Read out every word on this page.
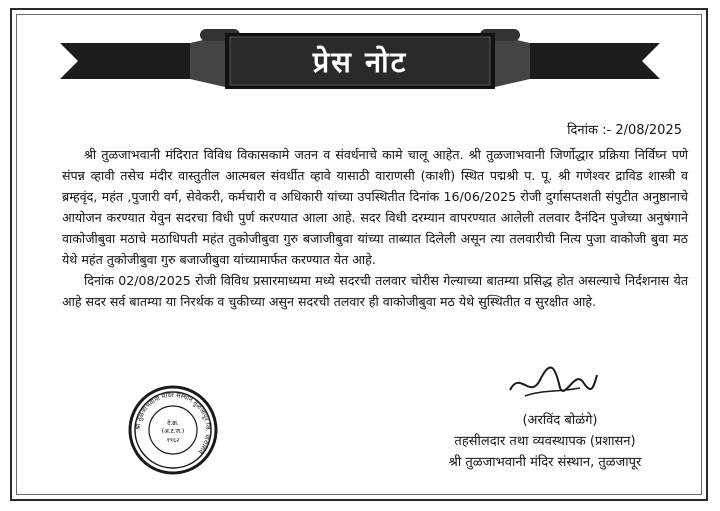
प्रेस नोट
दिनांक :- 2/08/2025

श्री तुळजाभवानी मंदिरात विविध विकासकामे जतन व संवर्धनाचे कामे चालू आहेत. श्री तुळजाभवानी जिर्णोद्धार प्रक्रिया निर्विघ्न पणे संपन्न व्हावी तसेच मंदीर वास्तुतील आत्मबल संवर्धीत व्हावे यासाठी वाराणसी (काशी) स्थित पद्मश्री प. पू. श्री गणेश्वर द्राविड शास्त्री व ब्रम्हवृंद, महंत ,पुजारी वर्ग, सेवेकरी, कर्मचारी व अधिकारी यांच्या उपस्थितीत दिनांक 16/06/2025 रोजी दुर्गासप्तशती संपुटीत अनुष्ठानाचे आयोजन करण्यात येवुन सदरचा विधी पुर्ण करण्यात आला आहे. सदर विधी दरम्यान वापरण्यात आलेली तलवार दैनंदिन पुजेच्या अनुषंगाने वाकोजीबुवा मठाचे मठाधिपती महंत तुकोजीबुवा गुरु बजाजीबुवा यांच्या ताब्यात दिलेली असून त्या तलवारीची नित्य पुजा वाकोजी बुवा मठ येथे महंत तुकोजीबुवा गुरु बजाजीबुवा यांच्यामार्फत करण्यात येत आहे.

दिनांक 02/08/2025 रोजी विविध प्रसारमाध्यमा मध्ये सदरची तलवार चोरीस गेल्याच्या बातम्या प्रसिद्ध होत असल्याचे निर्दशनास येत आहे सदर सर्व बातम्या या निरर्थक व चुकीच्या असुन सदरची तलवार ही वाकोजीबुवा मठ येथे सुस्थितीत व सुरक्षीत आहे.

श्री तुळजाभवानी मंदिर संस्थान तुळजापूर जि. धाराशिव
दे.क्र.
(अ.ट.ज.)
१९६२
(अरविंद बोळंगे)
तहसीलदार तथा व्यवस्थापक (प्रशासन)
श्री तुळजाभवानी मंदिर संस्थान, तुळजापूर
